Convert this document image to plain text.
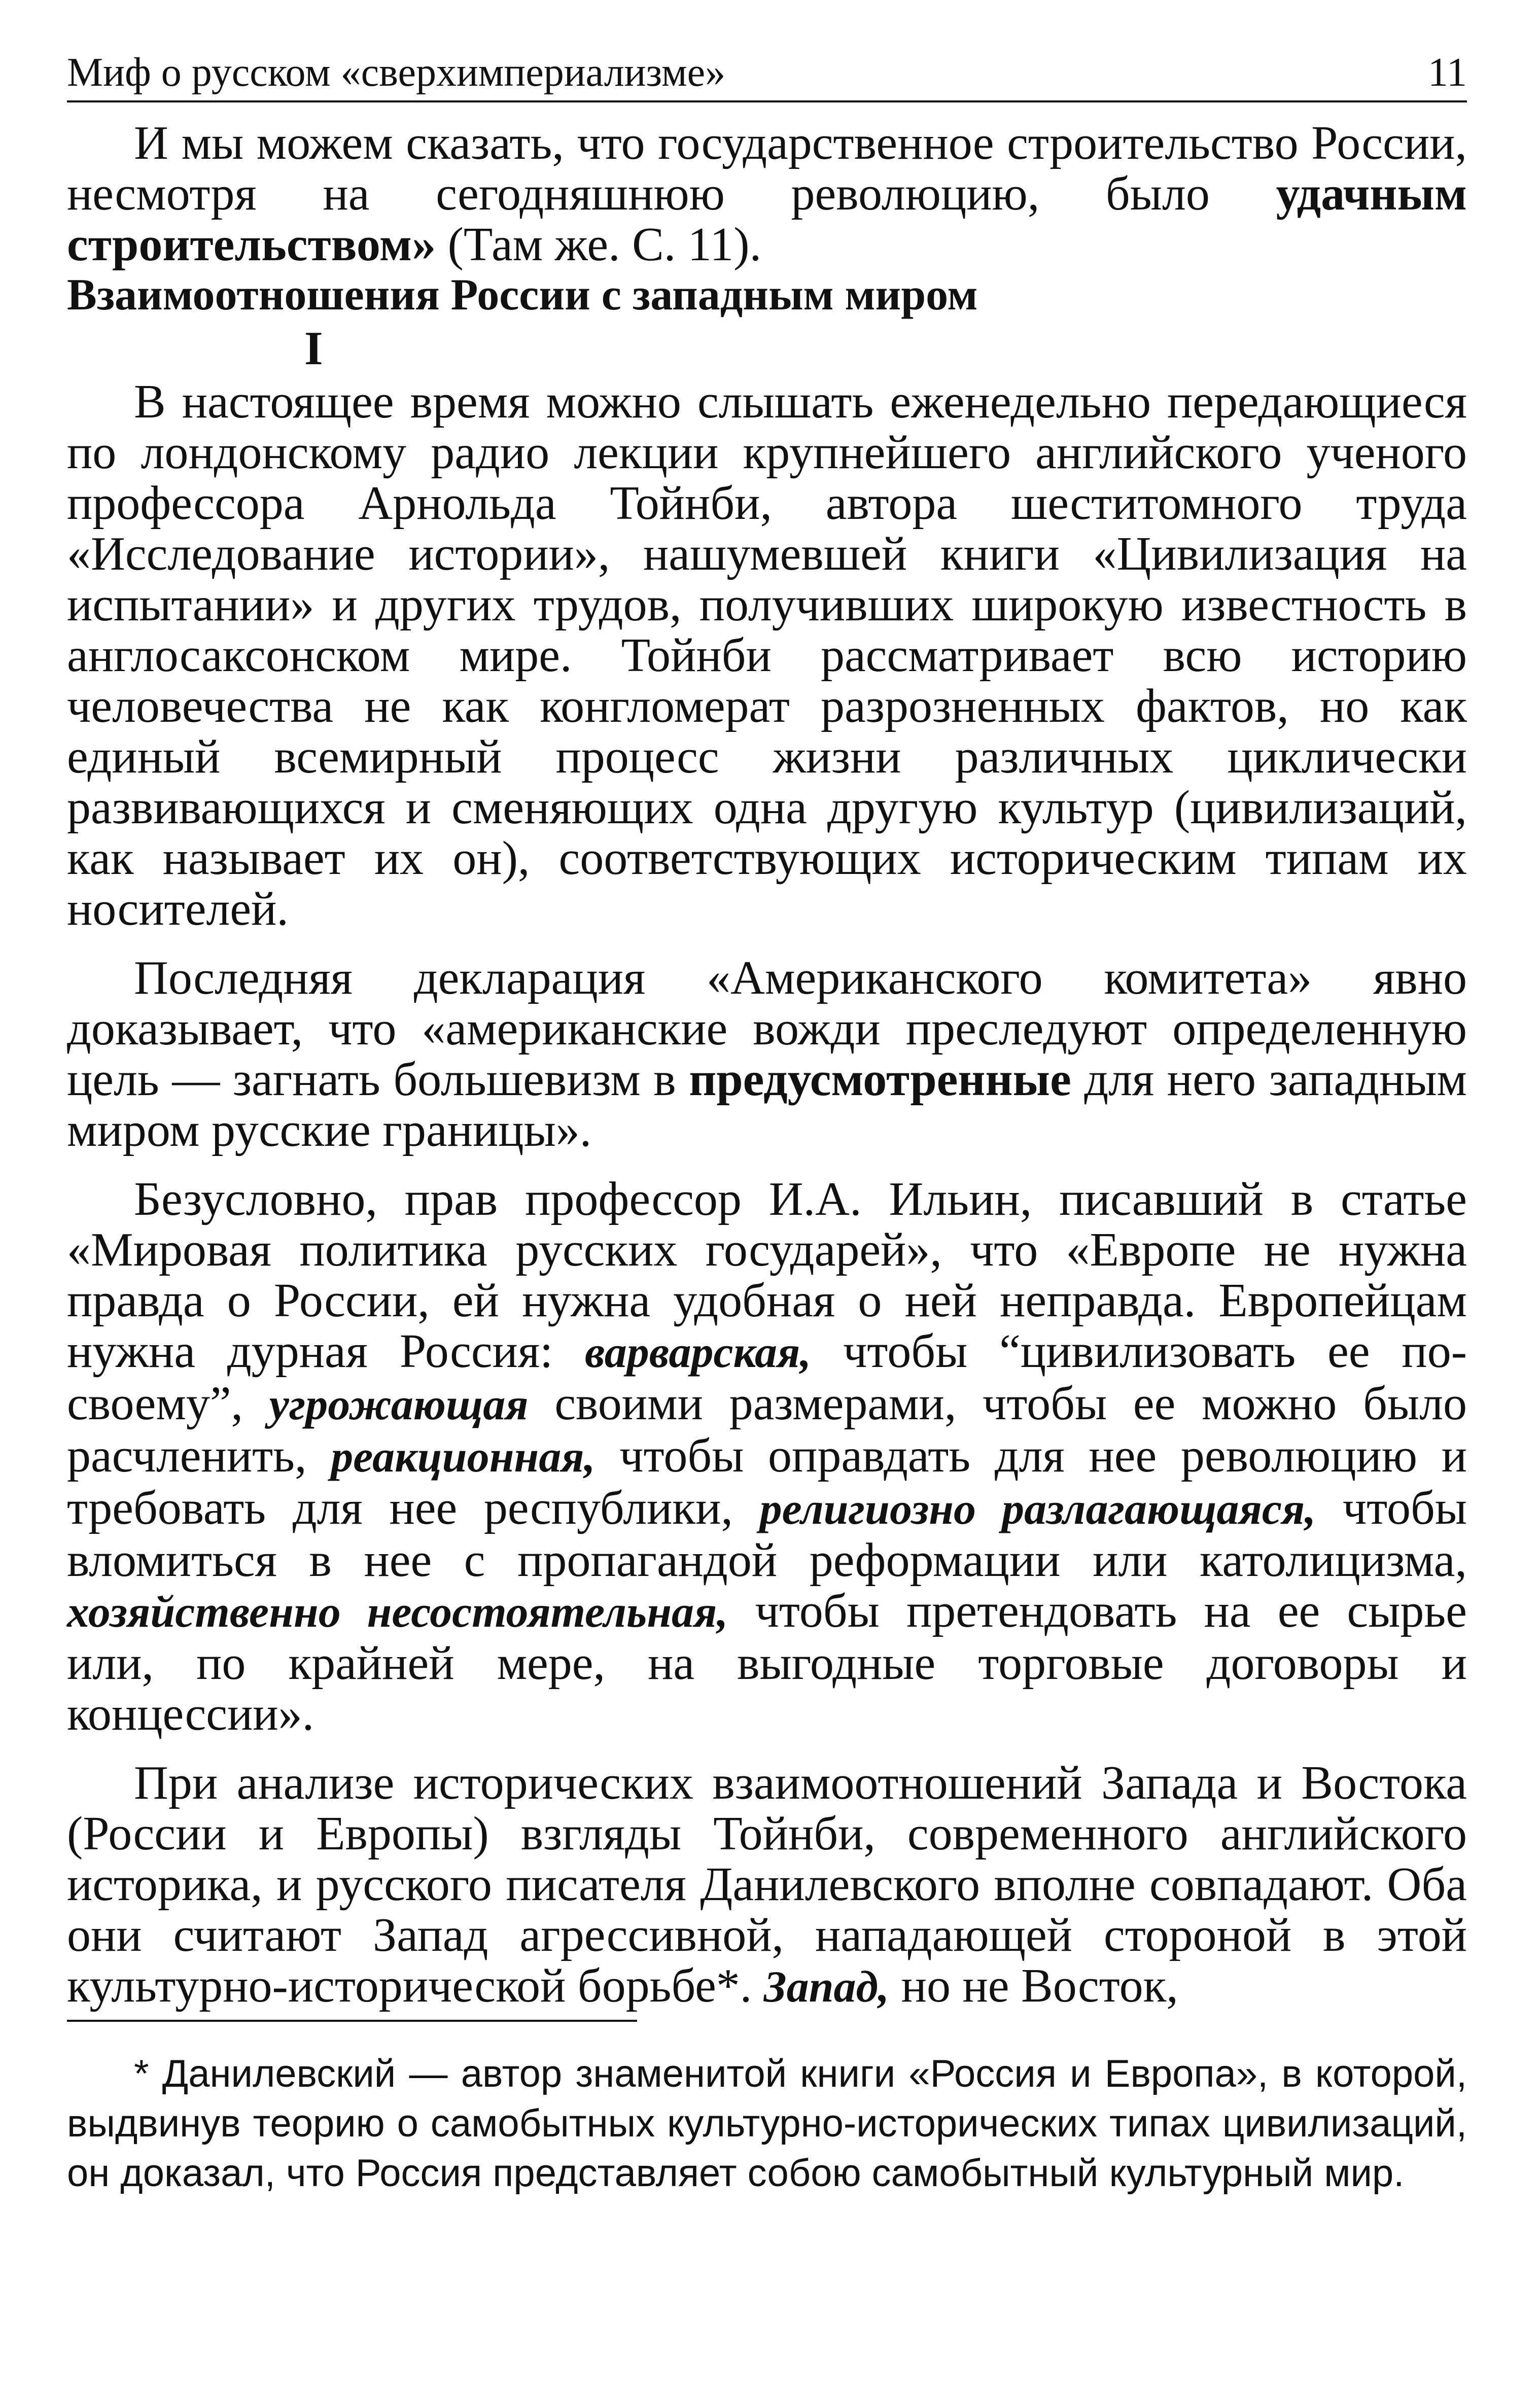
Миф о русском «сверхимпериализме»	11

И мы можем сказать, что государственное строительство России, несмотря на сегодняшнюю революцию, было удачным строительством» (Там же. С. 11).

Взаимоотношения России с западным миром

I

В настоящее время можно слышать еженедельно передающиеся по лондонскому радио лекции крупнейшего английского ученого профессора Арнольда Тойнби, автора шеститомного труда «Исследование истории», нашумевшей книги «Цивилизация на испытании» и других трудов, получивших широкую известность в англосаксонском мире. Тойнби рассматривает всю историю человечества не как конгломерат разрозненных фактов, но как единый всемирный процесс жизни различных циклически развивающихся и сменяющих одна другую культур (цивилизаций, как называет их он), соответствующих историческим типам их носителей.

Последняя декларация «Американского комитета» явно доказывает, что «американские вожди преследуют определенную цель — загнать большевизм в предусмотренные для него западным миром русские границы».

Безусловно, прав профессор И.А. Ильин, писавший в статье «Мировая политика русских государей», что «Европе не нужна правда о России, ей нужна удобная о ней неправда. Европейцам нужна дурная Россия: варварская, чтобы “цивилизовать ее по-своему”, угрожающая своими размерами, чтобы ее можно было расчленить, реакционная, чтобы оправдать для нее революцию и требовать для нее республики, религиозно разлагающаяся, чтобы вломиться в нее с пропагандой реформации или католицизма, хозяйственно несостоятельная, чтобы претендовать на ее сырье или, по крайней мере, на выгодные торговые договоры и концессии».

При анализе исторических взаимоотношений Запада и Востока (России и Европы) взгляды Тойнби, современного английского историка, и русского писателя Данилевского вполне совпадают. Оба они считают Запад агрессивной, нападающей стороной в этой культурно-исторической борьбе*. Запад, но не Восток,

* Данилевский — автор знаменитой книги «Россия и Европа», в которой, выдвинув теорию о самобытных культурно-исторических типах цивилизаций, он доказал, что Россия представляет собою самобытный культурный мир.
